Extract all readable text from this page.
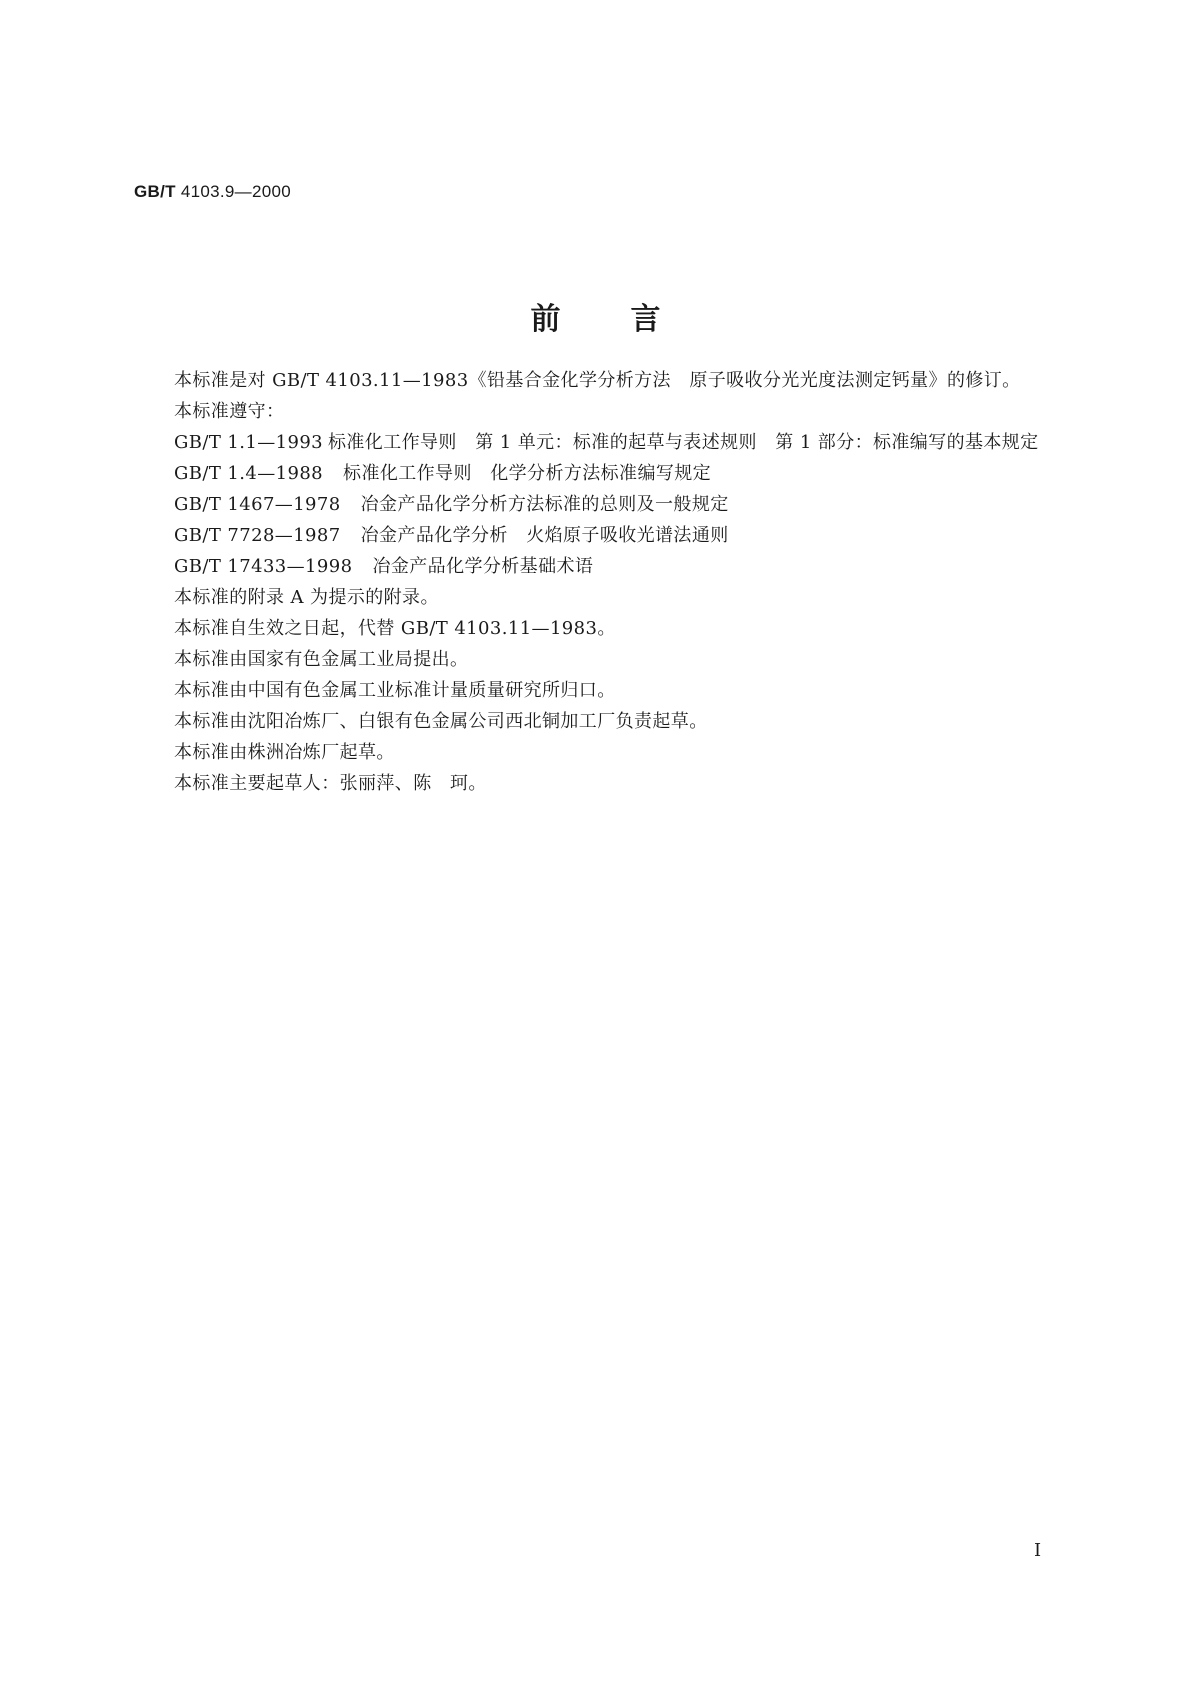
GB/T 4103.9—2000
前言

本标准是对 GB/T 4103.11—1983《铅基合金化学分析方法　原子吸收分光光度法测定钙量》的修订。

本标准遵守：

GB/T 1.1—1993 标准化工作导则　第 1 单元：标准的起草与表述规则　第 1 部分：标准编写的基本规定
GB/T 1.4—1988	标准化工作导则　化学分析方法标准编写规定
GB/T 1467—1978	冶金产品化学分析方法标准的总则及一般规定
GB/T 7728—1987	冶金产品化学分析　火焰原子吸收光谱法通则
GB/T 17433—1998	冶金产品化学分析基础术语

本标准的附录 A 为提示的附录。

本标准自生效之日起，代替 GB/T 4103.11—1983。

本标准由国家有色金属工业局提出。

本标准由中国有色金属工业标准计量质量研究所归口。

本标准由沈阳冶炼厂、白银有色金属公司西北铜加工厂负责起草。

本标准由株洲冶炼厂起草。

本标准主要起草人：张丽萍、陈　珂。

I
